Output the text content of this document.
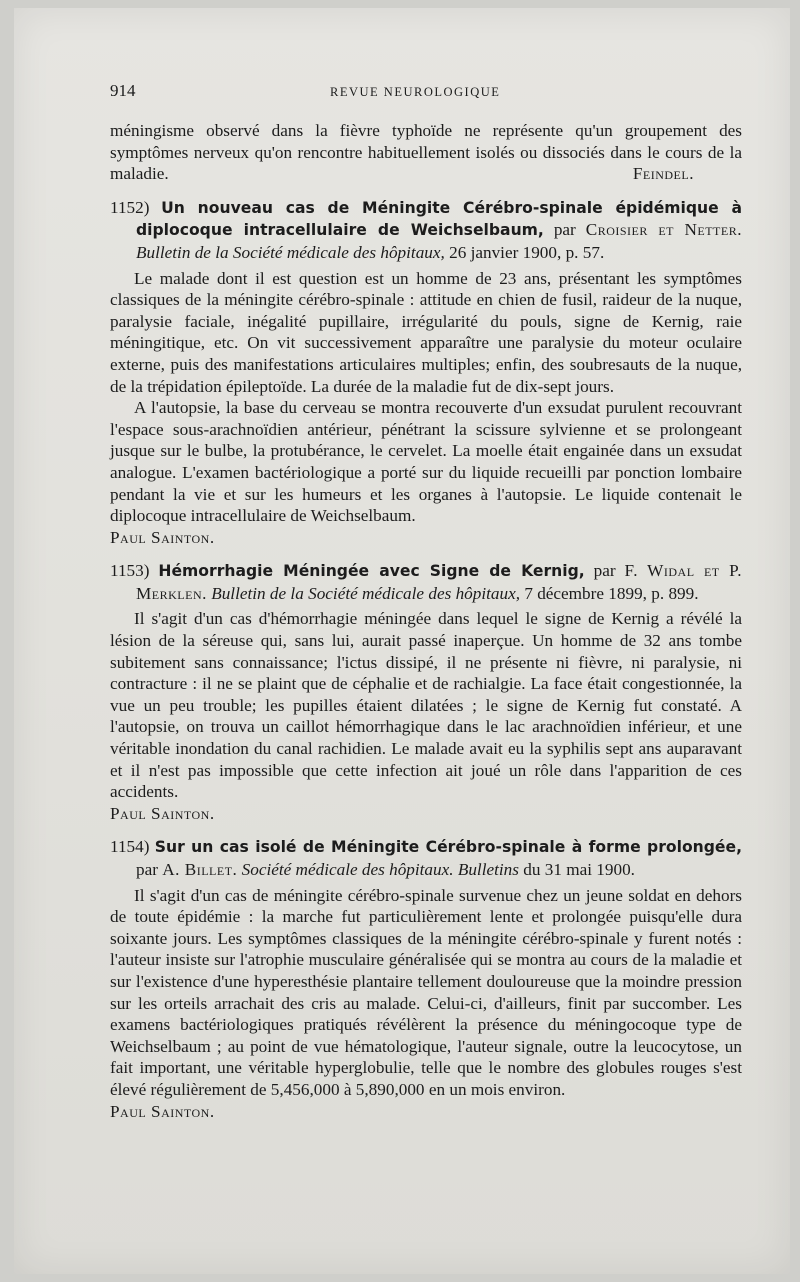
914	REVUE NEUROLOGIQUE

méningisme observé dans la fièvre typhoïde ne représente qu'un groupement des symptômes nerveux qu'on rencontre habituellement isolés ou dissociés dans le cours de la maladie.	Feindel.

1152) Un nouveau cas de Méningite Cérébro-spinale épidémique à diplocoque intracellulaire de Weichselbaum, par Croisier et Netter. Bulletin de la Société médicale des hôpitaux, 26 janvier 1900, p. 57.

Le malade dont il est question est un homme de 23 ans, présentant les symptômes classiques de la méningite cérébro-spinale : attitude en chien de fusil, raideur de la nuque, paralysie faciale, inégalité pupillaire, irrégularité du pouls, signe de Kernig, raie méningitique, etc. On vit successivement apparaître une paralysie du moteur oculaire externe, puis des manifestations articulaires multiples; enfin, des soubresauts de la nuque, de la trépidation épileptoïde. La durée de la maladie fut de dix-sept jours.

A l'autopsie, la base du cerveau se montra recouverte d'un exsudat purulent recouvrant l'espace sous-arachnoïdien antérieur, pénétrant la scissure sylvienne et se prolongeant jusque sur le bulbe, la protubérance, le cervelet. La moelle était engainée dans un exsudat analogue. L'examen bactériologique a porté sur du liquide recueilli par ponction lombaire pendant la vie et sur les humeurs et les organes à l'autopsie. Le liquide contenait le diplocoque intracellulaire de Weichselbaum.

Paul Sainton.

1153) Hémorrhagie Méningée avec Signe de Kernig, par F. Widal et P. Merklen. Bulletin de la Société médicale des hôpitaux, 7 décembre 1899, p. 899.

Il s'agit d'un cas d'hémorrhagie méningée dans lequel le signe de Kernig a révélé la lésion de la séreuse qui, sans lui, aurait passé inaperçue. Un homme de 32 ans tombe subitement sans connaissance; l'ictus dissipé, il ne présente ni fièvre, ni paralysie, ni contracture : il ne se plaint que de céphalie et de rachialgie. La face était congestionnée, la vue un peu trouble; les pupilles étaient dilatées ; le signe de Kernig fut constaté. A l'autopsie, on trouva un caillot hémorrhagique dans le lac arachnoïdien inférieur, et une véritable inondation du canal rachidien. Le malade avait eu la syphilis sept ans auparavant et il n'est pas impossible que cette infection ait joué un rôle dans l'apparition de ces accidents.

Paul Sainton.

1154) Sur un cas isolé de Méningite Cérébro-spinale à forme prolongée, par A. Billet. Société médicale des hôpitaux. Bulletins du 31 mai 1900.

Il s'agit d'un cas de méningite cérébro-spinale survenue chez un jeune soldat en dehors de toute épidémie : la marche fut particulièrement lente et prolongée puisqu'elle dura soixante jours. Les symptômes classiques de la méningite cérébro-spinale y furent notés : l'auteur insiste sur l'atrophie musculaire généralisée qui se montra au cours de la maladie et sur l'existence d'une hyperesthésie plantaire tellement douloureuse que la moindre pression sur les orteils arrachait des cris au malade. Celui-ci, d'ailleurs, finit par succomber. Les examens bactériologiques pratiqués révélèrent la présence du méningocoque type de Weichselbaum ; au point de vue hématologique, l'auteur signale, outre la leucocytose, un fait important, une véritable hyperglobulie, telle que le nombre des globules rouges s'est élevé régulièrement de 5,456,000 à 5,890,000 en un mois environ.

Paul Sainton.
